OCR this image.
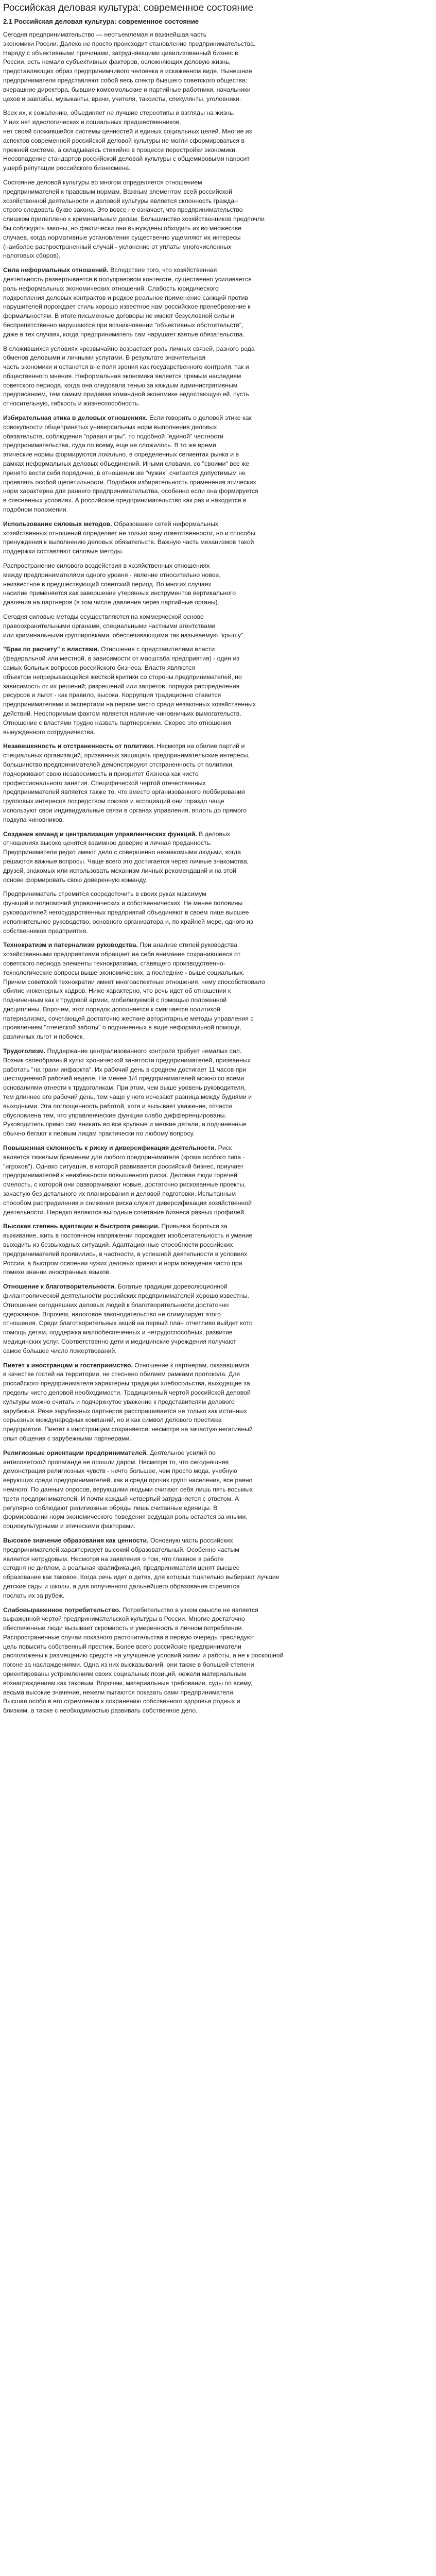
Российская деловая культура: современное состояние
2.1 Российская деловая культура: современное состояние

Сегодня предпринимательство — неотъемлемая и важнейшая часть
экономики России. Далеко не просто происходит становление предпринимательства.
Наряду с объективными причинами, затрудняющими цивилизованный бизнес в
России, есть немало субъективных факторов, осложняющих деловую жизнь,
представляющих образ предпринимчивого человека в искаженном виде. Нынешние
предприниматели представляют собой весь спектр бывшего советского общества:
вчерашние директора, бывшие комсомольские и партийные работники, начальники
цехов и завлабы, музыканты, врачи, учителя, таксисты, спекулянты, уголовники.

Всех их, к сожалению, объединяет не лучшие стереотипы и взгляды на жизнь.
У них нет идеологических и социальных предшественников,
нет своей сложившейся системы ценностей и единых социальных целей. Многие из
аспектов современной российской деловой культуры не могли сформироваться в
прежней системе, а складываясь стихийно в процессе перестройки экономики.
Несовпадение стандартов российской деловой культуры с общемировыми наносит
ущерб репутации российского бизнесмена.

Состояние деловой культуры во многом определяется отношением
предпринимателей к правовым нормам. Важным элементом всей российской
хозяйственной деятельности и деловой культуры является склонность граждан
строго следовать букве закона. Это вовсе не означает, что предпринимательство
слишком прилеплено к криминальным делам. Большинство хозяйственников предпочли
бы соблюдать законы, но фактически они вынуждены обходить их во множестве
случаев, когда нормативные установления существенно ущемляют их интересы
(наиболее распространенный случай - уклонение от уплаты многочисленных
налоговых сборов).

Сила неформальных отношений. Вследствие того, что хозяйственная
деятельность развертывается в полуправовом контексте, существенно усиливается
роль неформальных экономических отношений. Слабость юридического
подкрепления деловых контрактов и редкое реальное применение санкций против
нарушителей порождает стиль хорошо известное нам российское пренебрежение к
формальностям. В итоге письменные договоры не имеют безусловной силы и
беспрепятственно нарушаются при возникновении "объективных обстоятельств",
даже в тех случаях, когда предприниматель сам нарушает взятые обязательства.

В сложившихся условиях чрезвычайно возрастает роль личных связей, разного рода
обменов деловыми и личными услугами. В результате значительная
часть экономики и останется вне поля зрения как государственного контроля, так и
общественного мнения. Неформальная экономика является прямым наследием
советского периода, когда она следовала тенью за каждым административным
предписанием, тем самым придавая командной экономике недостающую ей, пусть
относительную, гибкость и жизнеспособность.

Избирательная этика в деловых отношениях. Если говорить о деловой этике как
совокупности общепринятых универсальных норм выполнения деловых
обязательств, соблюдения "правил игры", то подобной "единой" честности
предпринимательства, суда по всему, еще не сложилось. В то же время
этические нормы формируются локально, в определенных сегментах рынка и в
рамках неформальных деловых объединений. Иными словами, со "своими" все же
принято вести себя порядочно, в отношении же "чужих" считается допустимым не
проявлять особой щепетильности. Подобная избирательность применения этических
норм характерна для раннего предпринимательства, особенно если она формируется
в стесненных условиях. А российское предпринимательство как раз и находится в
подобном положении.

Использование силовых методов. Образование сетей неформальных
хозяйственных отношений определяет не только зону ответственности, но и способы
принуждения к выполнению деловых обязательств. Важную часть механизмов такой
поддержки составляют силовые методы.

Распространение силового воздействия в хозяйственных отношениях
между предпринимателями одного уровня - явление относительно новое,
неизвестное в предшествующий советский период. Во многих случаях
насилие применяется как завершение утерянных инструментов вертикального
давления на партнеров (в том числе давления через партийные органы).

Сегодня силовые методы осуществляются на коммерческой основе
правоохранительными органами, специальными частными агентствами
или криминальными группировками, обеспечивающими так называемую "крышу".

"Брак по расчету" с властями. Отношения с представителями власти
(федеральной или местной, в зависимости от масштаба предприятия) - один из
самых больных вопросов российского бизнеса. Власти являются
объектом непрерывающейся жесткой критики со стороны предпринимателей, но
зависимость от их решений; разрешений или запретов, порядка распределения
ресурсов и льгот - как правило, высока. Коррупция традиционно ставится
предпринимателями и экспертами на первое место среди незаконных хозяйственных
действий. Неоспоримым фактом является наличие чиновничьих вымогательств.
Отношение с властями трудно назвать партнерскими. Скорее это отношения
вынужденного сотрудничества.

Незавешенность и отстраненность от политики. Несмотря на обилие партий и
специальных организаций, призванных защищать предпринимательские интересы,
большинство предпринимателей демонстрируют отстраненность от политики,
подчеркивают свою незавесимость и приоритет бизнеса как чисто
профессионального занятия. Специфической чертой отечественных
предпринимателей является также то, что вместо организованного лоббирования
групповых интересов посредством союзов и ассоциаций они гораздо чаще
используют свои индивидуальные связи в органах управления, вплоть до прямого
подкупа чиновников.

Создание команд и централизация управленческих функций. В деловых
отношениях высоко ценятся взаимное доверие и личная преданность.
Предприниматели редко имеют дело с совершенно незнакомыми людьми, когда
решаются важные вопросы. Чаще всего это достигается через личные знакомства,
друзей, знакомых или использовать механизм личных рекомендаций и на этой
основе формировать свою доверенную команду.

Предприниматель стремится сосредоточить в своих руках максимум
функций и полномочий управленческих и собственнических. Не менее половины
руководителей негосударственных предприятий объединяют в своем лице высшее
исполнительное руководство, основного организатора и, по крайней мере, одного из
собственников предприятия.

Технократизм и патернализм руководства. При анализе стилей руководства
хозяйственными предприятиями обращает на себя внимание сохранившееся от
советского периода элементы технократизма, ставящего производственно-
технологические вопросы выше экономических, а последние - выше социальных.
Причем советской технократии имеет многоаспектные отношения, чему способствовало
обилие инженерных кадров. Ниже характерно, что речь идет об отношении к
подчиненным как к трудовой армии, мобилизуемой с помощью положенной
дисциплины. Впрочем, этот порядок дополняется к смягчается политикой
патернализма, сочетающей достаточно жесткие авторитарные методы управления с
проявлением "отеческой заботы" о подчиненных в виде неформальной помощи,
различных льгот и побочек.

Трудоголизм. Поддержание централизованного контроля требует немалых сил.
Возник своеобразный культ хронической занятости предпринимателей, призванных
работать "на грани инфаркта". Их рабочий день в среднем достигает 11 часов при
шестидневной рабочей неделе. Не менее 1/4 предпринимателей можно со всеми
основаниями отнести к трудоголикам. При этом, чем выше уровень руководителя,
тем длиннее его рабочий день, тем чаще у него исчезают разница между буднями и
выходными. Эта поглощенность работой, хотя и вызывает уважение, отчасти
обусловлена тем, что управленческие функции слабо дифференцированы.
Руководитель прямо сам вникать во все крупные и мелкие детали, а подчиненные
обычно бегают к первым лицам практически по любому вопросу.

Повышенная склонность к риску и диверсификация деятельности. Риск
является тяжелым бременем для любого предпринимателя (кроме особого типа -
"игроков"). Однако ситуация, в которой развивается российский бизнес, приучает
предпринимателей к неизбежности повышенного риска. Деловая люди горячей
смелость, с которой они разворачивают новые, достаточно рискованные проекты,
зачастую без детального их планирования и деловой подготовки. Испытанным
способом распределения и снижения риска служит диверсификация хозяйственной
деятельности. Нередко являются выгодные сочетание бизнеса разных профилей.

Высокая степень адаптации и быстрота реакции. Привычка бороться за
выживание, жить в постоянном напряжении порождает изобретательность и умение
выходить из безвыходных ситуаций. Адаптационные способности российских
предпринимателей проявились, в частности, в успешной деятельности в условиях
России, а быстром освоении чужих деловых правил и норм поведения часто при
помехе знании иностранных языков.

Отношение к благотворительности. Богатые традиции дореволюционной
филантропической деятельности российских предпринимателей хорошо известны.
Отношение сегодняшних деловых людей к благотворительности достаточно
сдержанное. Впрочем, налоговое законодательство не стимулирует этого
отношения. Среди благотворительных акций на первый план отчетливо выйдет кото
помощь детям, поддержка малообеспеченных и нетрудоспособных, развитие
медицинских услуг. Соответственно дети и медицинские учреждения получают
самое большее число пожертвований.

Пиетет к иностранцам и гостеприимство. Отношение к партнерам, оказавшимся
в качестве гостей на территории, не стеснено обилием рамками протокола. Для
российского предпринимателя характерны традиции хлебосольства, выходящие за
пределы чисто деловой необходимости. Традиционный чертой российской деловой
культуры можно считать и подчеркнутое уважение к представителям делового
зарубежья. Реже зарубежных партнеров расспрашивается не только как истинных
серьезных международных компаний, но и как символ делового престижа
предприятия. Пиетет к иностранцам сохраняется, несмотря на зачастую негативный
опыт общения с зарубежными партнерами.

Религиозные ориентации предпринимателей. Деятельное усилий по
антисоветской пропаганде не прошли даром. Несмотря то, что сегодняшняя
демонстрация религиозных чувств - нечто большее, чем просто мода, учебную
верующих среди предпринимателей, как и среди прочих групп населения, все равно
немного. По данным опросов, верующими людьми считают себя лишь пять восьмых
трети предпринимателей. И почти каждый четвертый затрудняется с ответом. А
регулярно соблюдают религиозные обряды лишь считанные единицы. В
формировании норм экономического поведения ведущая роль остается за иными,
социокультурными и этическими факторами.

Высокое значение образования как ценности. Основную часть российских
предпринимателей характеризует высокий образовательный. Особенно частым
является нетрудовым. Несмотря на заявления о том, что главное в работе
сегодня не диплом, а реальная квалификация, предприниматели ценят высшее
образование как таковое. Когда речь идет о детях, для которых тщательно выбирают лучшие
детские сады и школы, а для полученного дальнейшего образования стремятся
послать их за рубеж.

Слабовыраженное потребительство. Потребительство в узком смысле не является
выраженной чертой предпринимательской культуры в России. Многие достаточно
обеспеченные люди вызывает скромность и умеренность в личном потреблении.
Распространенные случаи показного расточительства в первую очередь преследуют
цель повысить собственный престиж. Более всего российские предприниматели
расположены к размещению средств на улучшение условий жизни и работы, а не к роскошной
погоне за наслаждениями. Одна из них высказываний, они также в большей степени
ориентированы устремлениям своих социальных позиций, нежели материальным
вознаграждениям как таковым. Впрочем, материальные требования, суды по всему,
весьма высокие значение, нежели пытаются показать сами предприниматели.
Высшая особо в его стремлении к сохранению собственного здоровья родных и
близким, а также с необходимостью развивать собственное дело.
